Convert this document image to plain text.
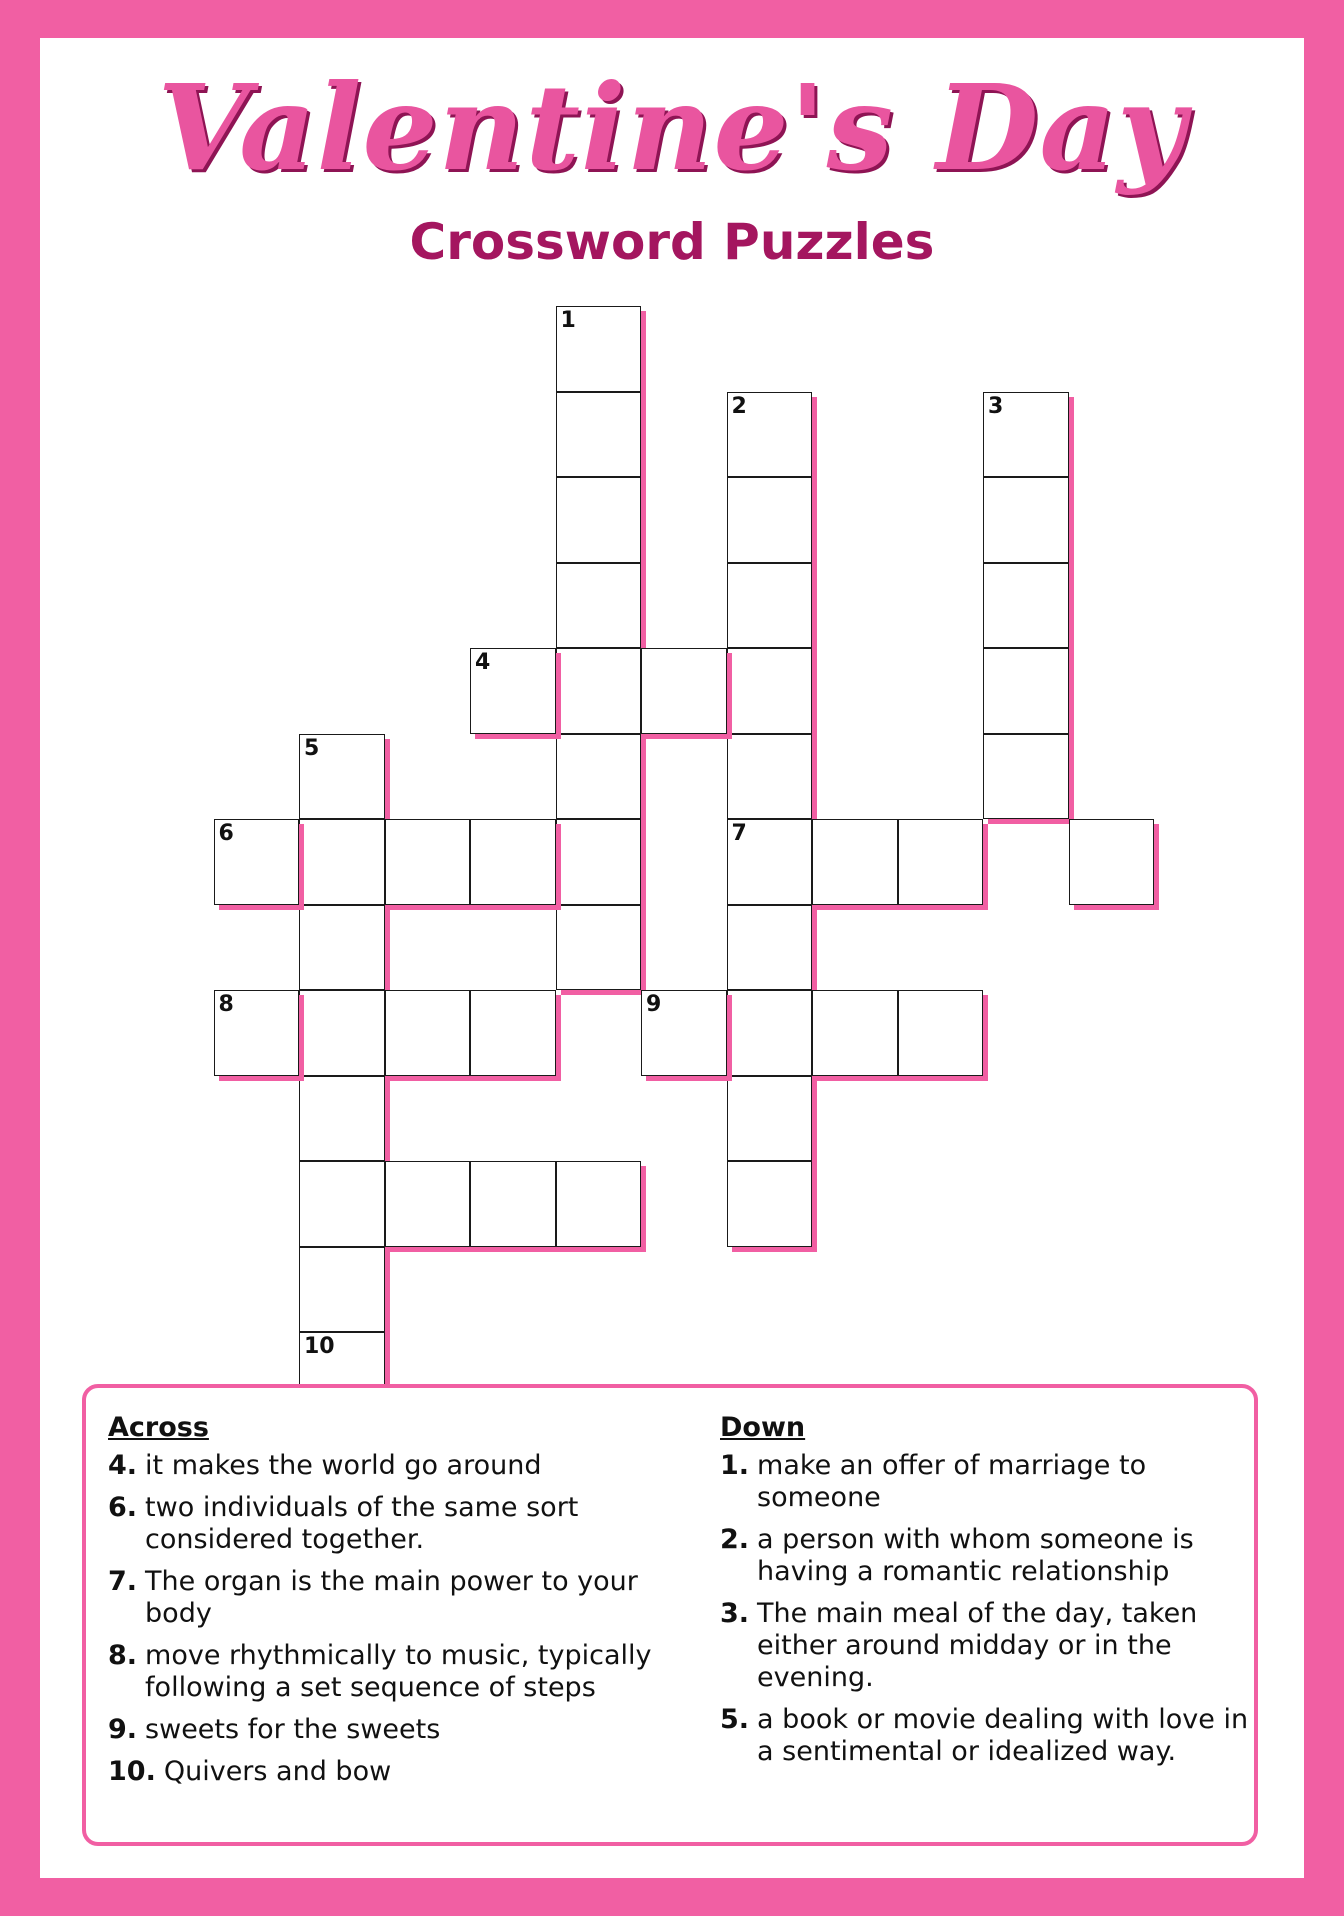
Valentine's Day
Crossword Puzzles
1
2
7
3
4
5
6
8	9
10
Across
4. it makes the world go around
6. two individuals of the same sort considered together.
7. The organ is the main power to your body
8. move rhythmically to music, typically following a set sequence of steps
9. sweets for the sweets
10. Quivers and bow
Down
1. make an offer of marriage to someone
2. a person with whom someone is having a romantic relationship
3. The main meal of the day, taken either around midday or in the evening.
5. a book or movie dealing with love in a sentimental or idealized way.
